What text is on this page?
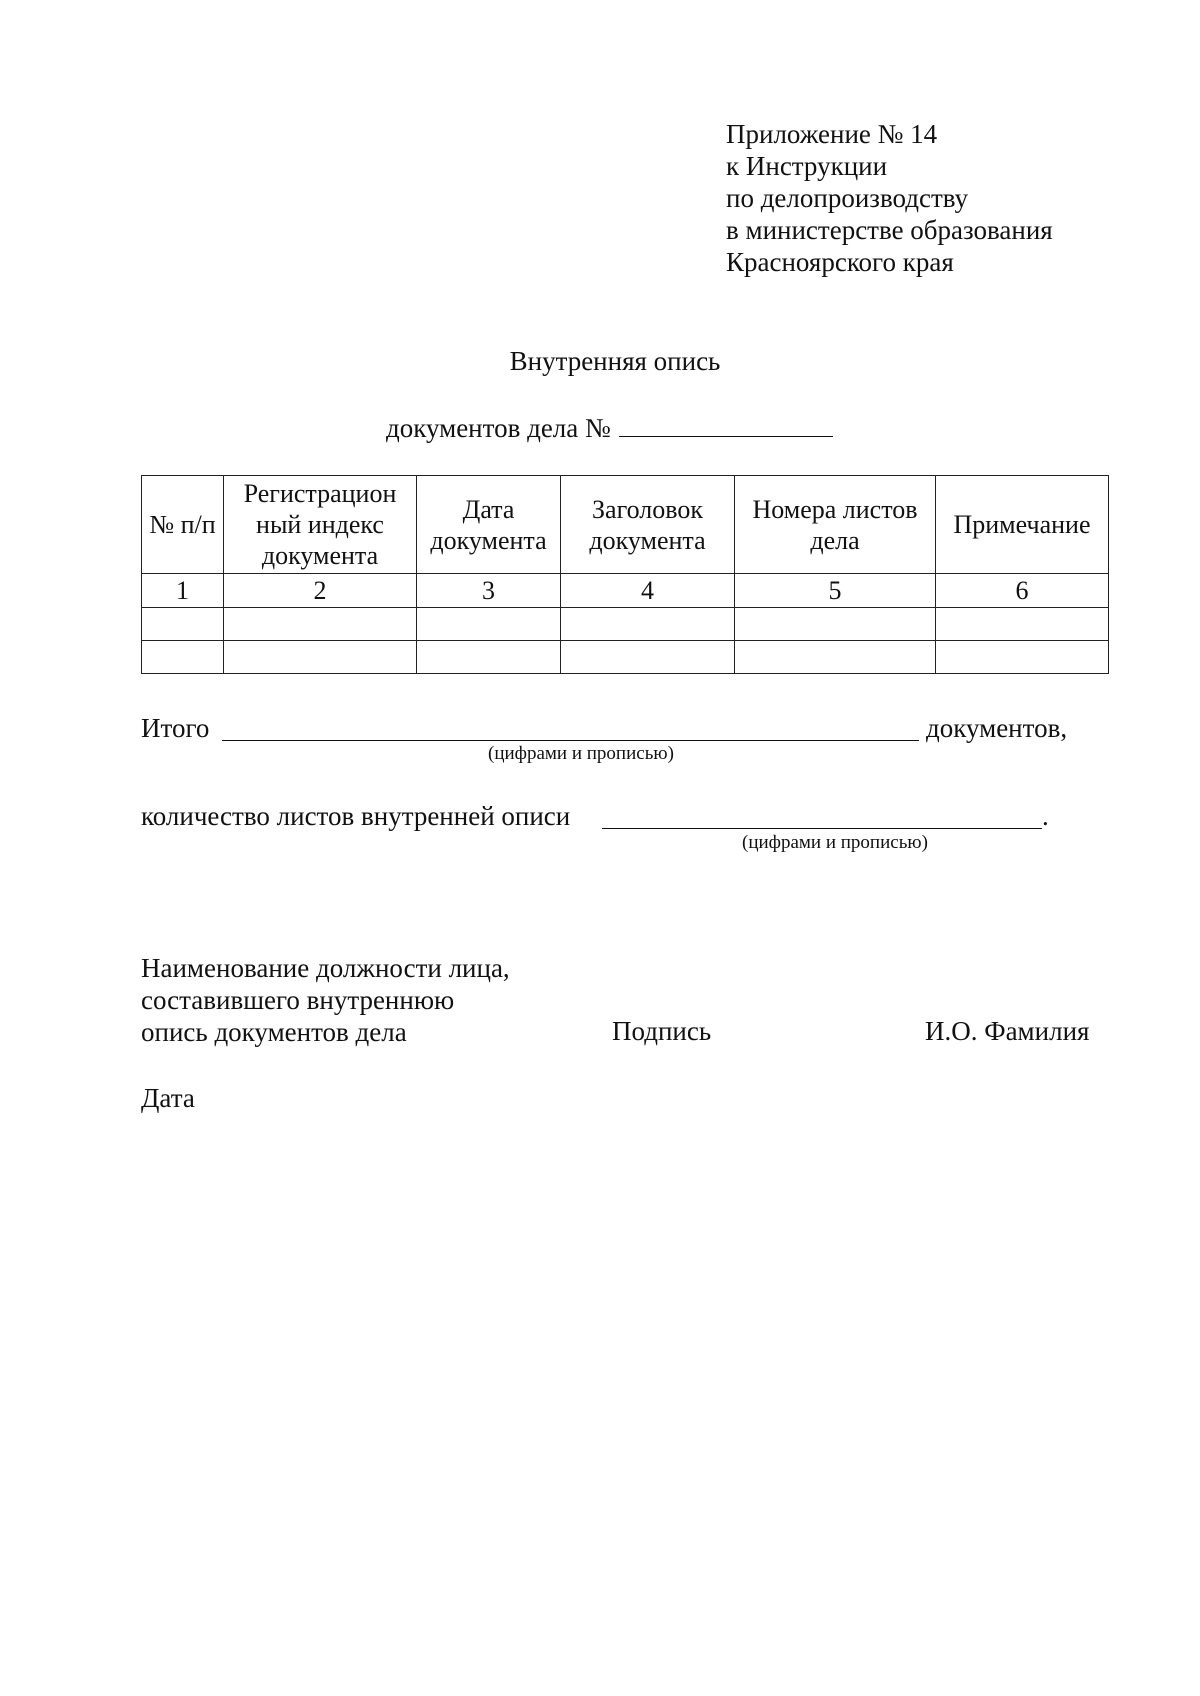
Приложение № 14
к Инструкции
по делопроизводству
в министерстве образования
Красноярского края
Внутренняя опись
документов дела №
№ п/п	Регистрацион ный индекс документа	Дата документа	Заголовок документа	Номера листов дела	Примечание
1	2	3	4	5	6

Итого	документов,
(цифрами и прописью)
количество листов внутренней описи	.
(цифрами и прописью)
Наименование должности лица,
составившего внутреннюю
опись документов дела	Подпись	И.О. Фамилия
Дата
